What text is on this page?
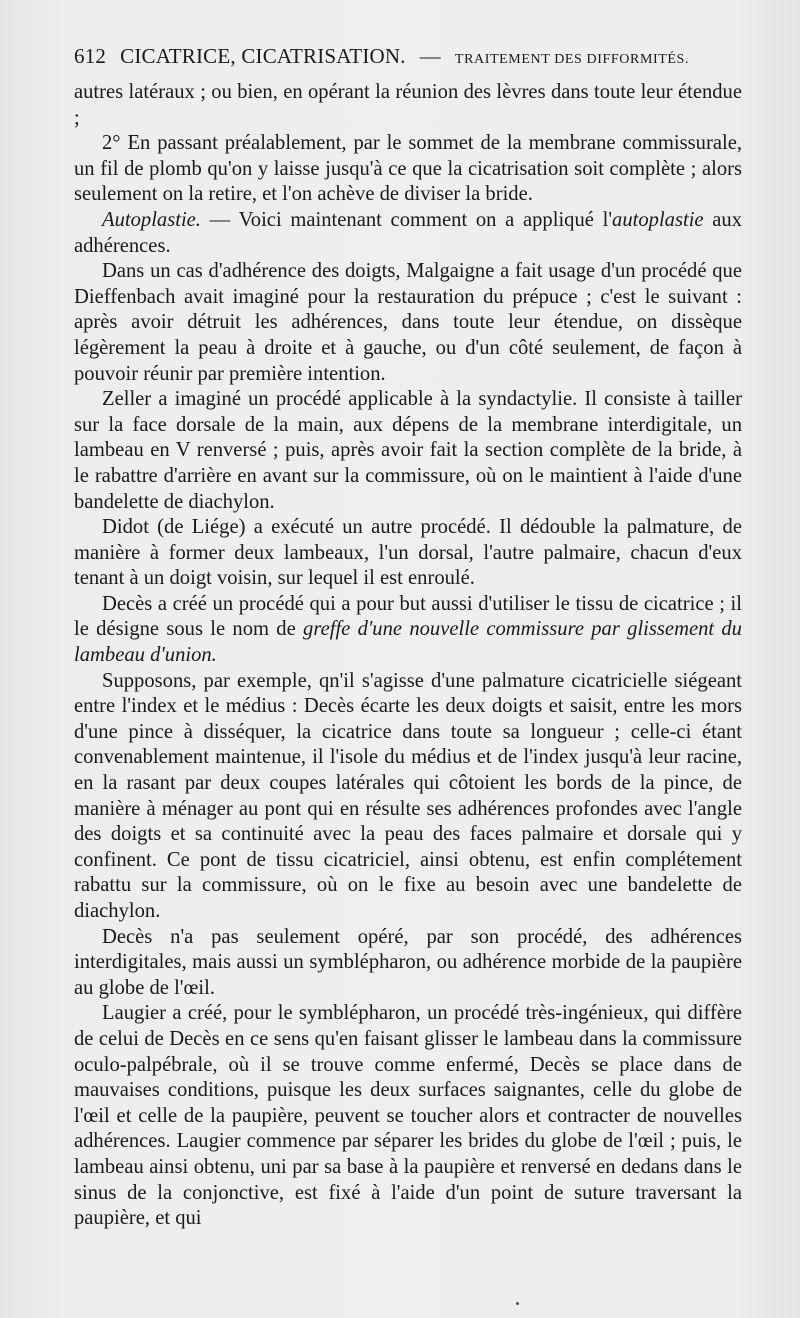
612 CICATRICE, CICATRISATION. — TRAITEMENT DES DIFFORMITÉS.

autres latéraux ; ou bien, en opérant la réunion des lèvres dans toute leur étendue ;

2° En passant préalablement, par le sommet de la membrane commissurale, un fil de plomb qu'on y laisse jusqu'à ce que la cicatrisation soit complète ; alors seulement on la retire, et l'on achève de diviser la bride.

Autoplastie. — Voici maintenant comment on a appliqué l'autoplastie aux adhérences.

Dans un cas d'adhérence des doigts, Malgaigne a fait usage d'un procédé que Dieffenbach avait imaginé pour la restauration du prépuce ; c'est le suivant : après avoir détruit les adhérences, dans toute leur étendue, on dissèque légèrement la peau à droite et à gauche, ou d'un côté seulement, de façon à pouvoir réunir par première intention.

Zeller a imaginé un procédé applicable à la syndactylie. Il consiste à tailler sur la face dorsale de la main, aux dépens de la membrane interdigitale, un lambeau en V renversé ; puis, après avoir fait la section complète de la bride, à le rabattre d'arrière en avant sur la commissure, où on le maintient à l'aide d'une bandelette de diachylon.

Didot (de Liége) a exécuté un autre procédé. Il dédouble la palmature, de manière à former deux lambeaux, l'un dorsal, l'autre palmaire, chacun d'eux tenant à un doigt voisin, sur lequel il est enroulé.

Decès a créé un procédé qui a pour but aussi d'utiliser le tissu de cicatrice ; il le désigne sous le nom de greffe d'une nouvelle commissure par glissement du lambeau d'union.

Supposons, par exemple, qn'il s'agisse d'une palmature cicatricielle siégeant entre l'index et le médius : Decès écarte les deux doigts et saisit, entre les mors d'une pince à disséquer, la cicatrice dans toute sa longueur ; celle-ci étant convenablement maintenue, il l'isole du médius et de l'index jusqu'à leur racine, en la rasant par deux coupes latérales qui côtoient les bords de la pince, de manière à ménager au pont qui en résulte ses adhérences profondes avec l'angle des doigts et sa continuité avec la peau des faces palmaire et dorsale qui y confinent. Ce pont de tissu cicatriciel, ainsi obtenu, est enfin complétement rabattu sur la commissure, où on le fixe au besoin avec une bandelette de diachylon.

Decès n'a pas seulement opéré, par son procédé, des adhérences interdigitales, mais aussi un symblépharon, ou adhérence morbide de la paupière au globe de l'œil.

Laugier a créé, pour le symblépharon, un procédé très-ingénieux, qui diffère de celui de Decès en ce sens qu'en faisant glisser le lambeau dans la commissure oculo-palpébrale, où il se trouve comme enfermé, Decès se place dans de mauvaises conditions, puisque les deux surfaces saignantes, celle du globe de l'œil et celle de la paupière, peuvent se toucher alors et contracter de nouvelles adhérences. Laugier commence par séparer les brides du globe de l'œil ; puis, le lambeau ainsi obtenu, uni par sa base à la paupière et renversé en dedans dans le sinus de la conjonctive, est fixé à l'aide d'un point de suture traversant la paupière, et qui
